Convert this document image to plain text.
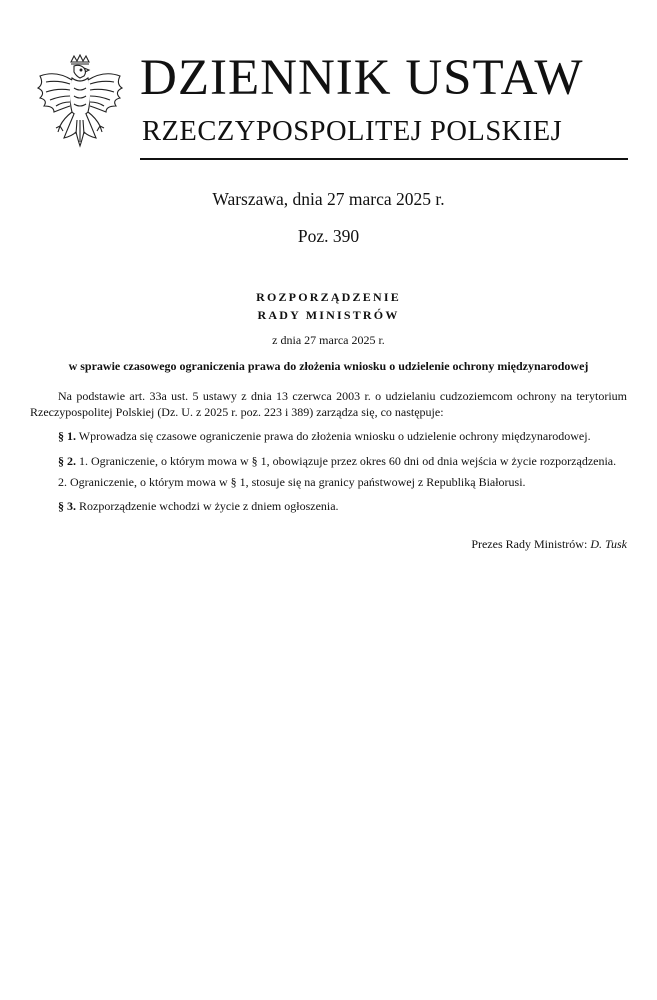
DZIENNIK USTAW
RZECZYPOSPOLITEJ POLSKIEJ
Warszawa, dnia 27 marca 2025 r.
Poz. 390
ROZPORZĄDZENIE
RADY MINISTRÓW
z dnia 27 marca 2025 r.
w sprawie czasowego ograniczenia prawa do złożenia wniosku o udzielenie ochrony międzynarodowej
Na podstawie art. 33a ust. 5 ustawy z dnia 13 czerwca 2003 r. o udzielaniu cudzoziemcom ochrony na terytorium Rzeczypospolitej Polskiej (Dz. U. z 2025 r. poz. 223 i 389) zarządza się, co następuje:
§ 1. Wprowadza się czasowe ograniczenie prawa do złożenia wniosku o udzielenie ochrony międzynarodowej.
§ 2. 1. Ograniczenie, o którym mowa w § 1, obowiązuje przez okres 60 dni od dnia wejścia w życie rozporządzenia.
2. Ograniczenie, o którym mowa w § 1, stosuje się na granicy państwowej z Republiką Białorusi.
§ 3. Rozporządzenie wchodzi w życie z dniem ogłoszenia.
Prezes Rady Ministrów: D. Tusk
